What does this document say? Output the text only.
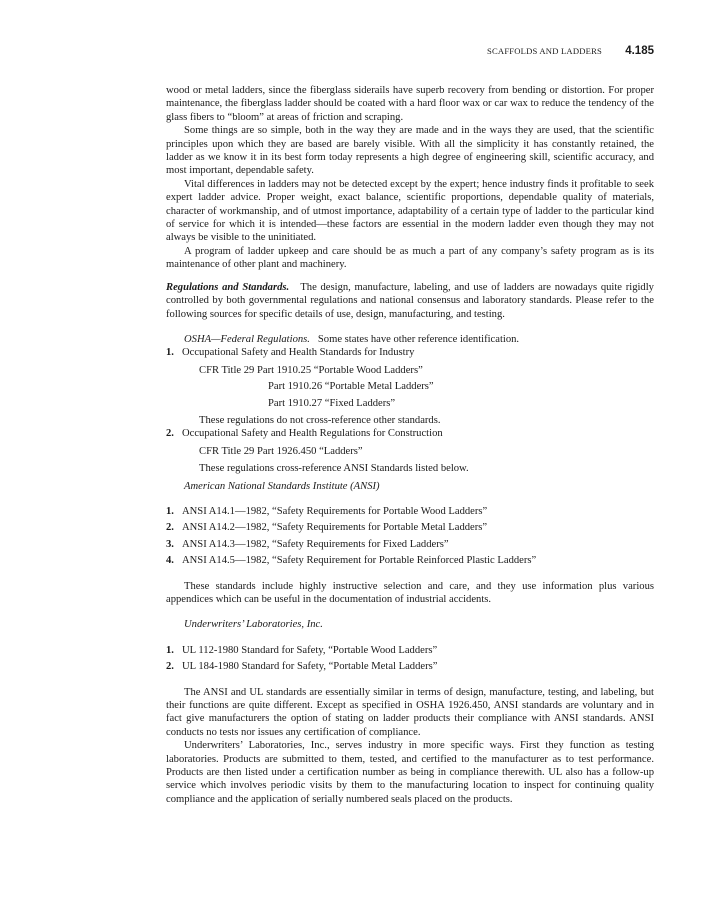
SCAFFOLDS AND LADDERS 4.185

wood or metal ladders, since the fiberglass siderails have superb recovery from bending or distortion. For proper maintenance, the fiberglass ladder should be coated with a hard floor wax or car wax to reduce the tendency of the glass fibers to “bloom” at areas of friction and scraping.

Some things are so simple, both in the way they are made and in the ways they are used, that the scientific principles upon which they are based are barely visible. With all the simplicity it has constantly retained, the ladder as we know it in its best form today represents a high degree of engineering skill, scientific accuracy, and most important, dependable safety.

Vital differences in ladders may not be detected except by the expert; hence industry finds it profitable to seek expert ladder advice. Proper weight, exact balance, scientific proportions, dependable quality of materials, character of workmanship, and of utmost importance, adaptability of a certain type of ladder to the particular kind of service for which it is intended—these factors are essential in the modern ladder even though they may not always be visible to the uninitiated.

A program of ladder upkeep and care should be as much a part of any company’s safety program as is its maintenance of other plant and machinery.

Regulations and Standards. The design, manufacture, labeling, and use of ladders are nowadays quite rigidly controlled by both governmental regulations and national consensus and laboratory standards. Please refer to the following sources for specific details of use, design, manufacturing, and testing.

OSHA—Federal Regulations. Some states have other reference identification.

1. Occupational Safety and Health Standards for Industry
CFR Title 29 Part 1910.25 “Portable Wood Ladders”
Part 1910.26 “Portable Metal Ladders”
Part 1910.27 “Fixed Ladders”
These regulations do not cross-reference other standards.
2. Occupational Safety and Health Regulations for Construction
CFR Title 29 Part 1926.450 “Ladders”
These regulations cross-reference ANSI Standards listed below.

American National Standards Institute (ANSI)

1. ANSI A14.1—1982, “Safety Requirements for Portable Wood Ladders”
2. ANSI A14.2—1982, “Safety Requirements for Portable Metal Ladders”
3. ANSI A14.3—1982, “Safety Requirements for Fixed Ladders”
4. ANSI A14.5—1982, “Safety Requirement for Portable Reinforced Plastic Ladders”

These standards include highly instructive selection and care, and they use information plus various appendices which can be useful in the documentation of industrial accidents.

Underwriters’ Laboratories, Inc.

1. UL 112-1980 Standard for Safety, “Portable Wood Ladders”
2. UL 184-1980 Standard for Safety, “Portable Metal Ladders”

The ANSI and UL standards are essentially similar in terms of design, manufacture, testing, and labeling, but their functions are quite different. Except as specified in OSHA 1926.450, ANSI standards are voluntary and in fact give manufacturers the option of stating on ladder products their compliance with ANSI standards. ANSI conducts no tests nor issues any certification of compliance.

Underwriters’ Laboratories, Inc., serves industry in more specific ways. First they function as testing laboratories. Products are submitted to them, tested, and certified to the manufacturer as to test performance. Products are then listed under a certification number as being in compliance therewith. UL also has a follow-up service which involves periodic visits by them to the manufacturing location to inspect for continuing quality compliance and the application of serially numbered seals placed on the products.
